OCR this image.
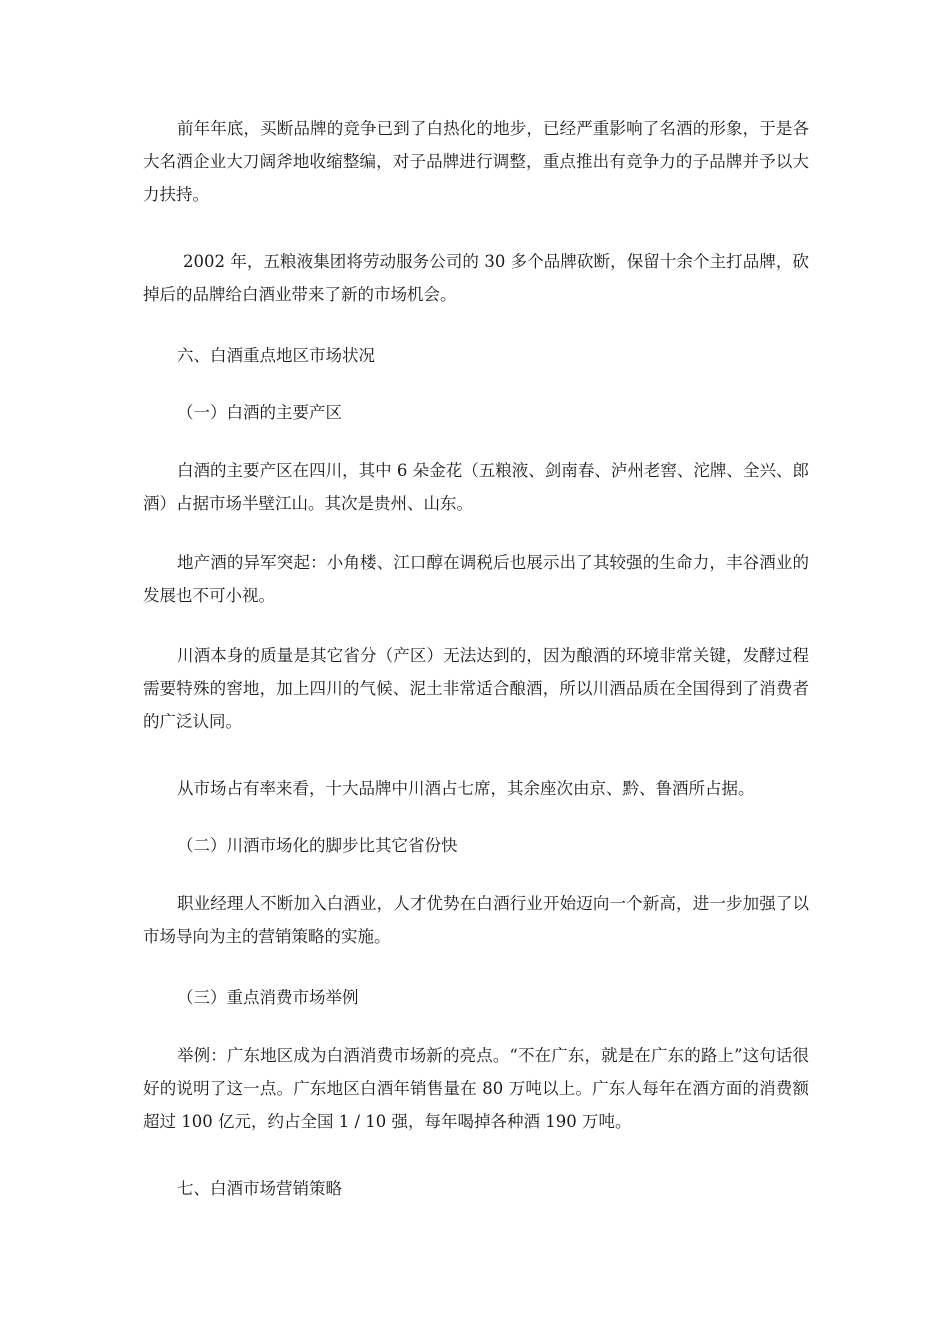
前年年底，买断品牌的竞争已到了白热化的地步，已经严重影响了名酒的形象，于是各大名酒企业大刀阔斧地收缩整编，对子品牌进行调整，重点推出有竞争力的子品牌并予以大力扶持。

2002 年，五粮液集团将劳动服务公司的 30 多个品牌砍断，保留十余个主打品牌，砍掉后的品牌给白酒业带来了新的市场机会。

六、白酒重点地区市场状况

（一）白酒的主要产区

白酒的主要产区在四川，其中 6 朵金花（五粮液、剑南春、泸州老窖、沱牌、全兴、郎酒）占据市场半壁江山。其次是贵州、山东。

地产酒的异军突起：小角楼、江口醇在调税后也展示出了其较强的生命力，丰谷酒业的发展也不可小视。

川酒本身的质量是其它省分（产区）无法达到的，因为酿酒的环境非常关键，发酵过程需要特殊的窖地，加上四川的气候、泥土非常适合酿酒，所以川酒品质在全国得到了消费者的广泛认同。

从市场占有率来看，十大品牌中川酒占七席，其余座次由京、黔、鲁酒所占据。

（二）川酒市场化的脚步比其它省份快

职业经理人不断加入白酒业，人才优势在白酒行业开始迈向一个新高，进一步加强了以市场导向为主的营销策略的实施。

（三）重点消费市场举例

举例：广东地区成为白酒消费市场新的亮点。“不在广东，就是在广东的路上”这句话很好的说明了这一点。广东地区白酒年销售量在 80 万吨以上。广东人每年在酒方面的消费额超过 100 亿元，约占全国 1 / 10 强，每年喝掉各种酒 190 万吨。

七、白酒市场营销策略
